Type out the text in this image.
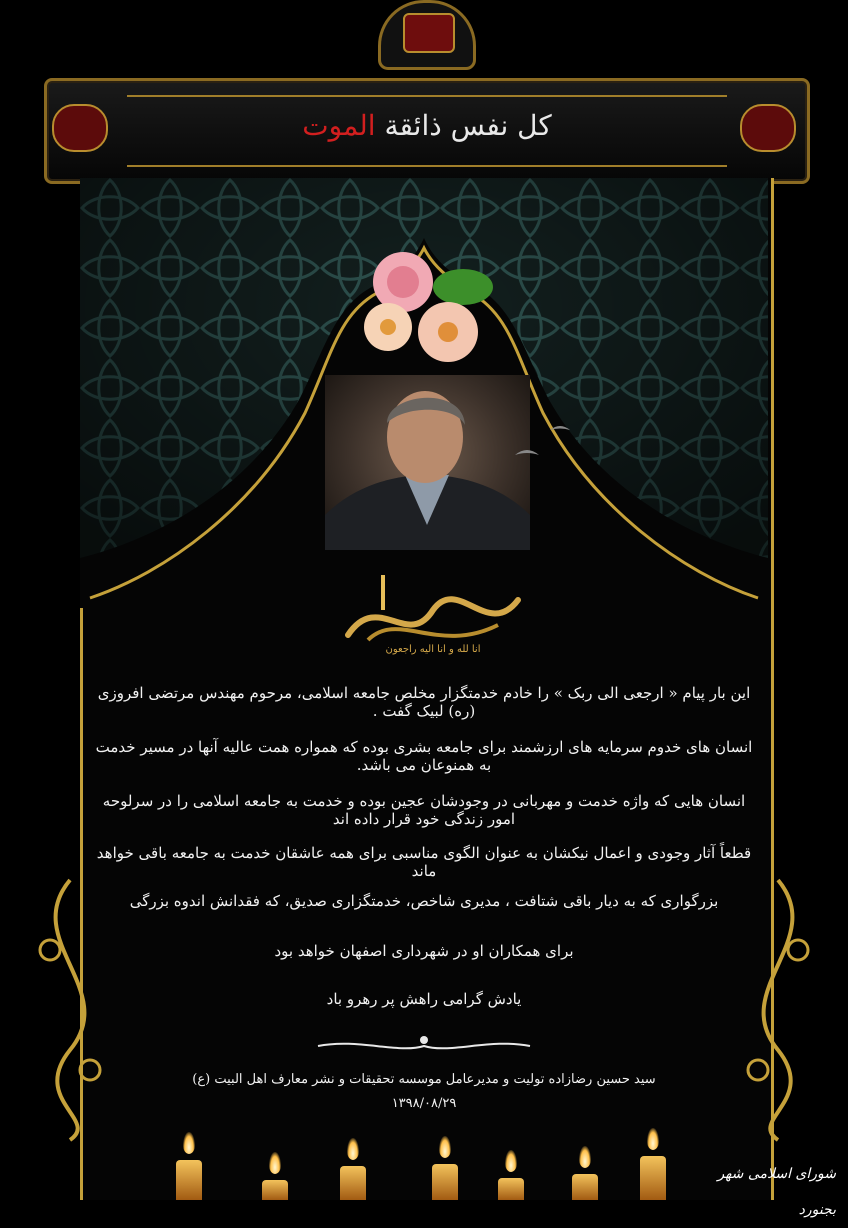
کل نفس ذائقة الموت
انا لله و انا الیه راجعون

این بار پیام « ارجعی الی ربک » را خادم خدمتگزار مخلص جامعه اسلامی، مرحوم مهندس مرتضی افروزی (ره) لبیک گفت .

انسان های خدوم سرمایه های ارزشمند برای جامعه بشری بوده که همواره همت عالیه آنها در مسیر خدمت به همنوعان می باشد.

انسان هایی که واژه خدمت و مهربانی در وجودشان عجین بوده و خدمت به جامعه اسلامی را در سرلوحه امور زندگی خود قرار داده اند

قطعاً آثار وجودی و اعمال نیکشان به عنوان الگوی مناسبی برای همه عاشقان خدمت به جامعه باقی خواهد ماند

بزرگواری که به دیار باقی شتافت ، مدیری شاخص، خدمتگزاری صدیق، که فقدانش اندوه بزرگی

برای همکاران او در شهرداری اصفهان خواهد بود

یادش گرامی راهش پر رهرو باد

سید حسین رضازاده تولیت و مدیرعامل موسسه تحقیقات و نشر معارف اهل البیت (ع)
۱۳۹۸/۰۸/۲۹
شورای اسلامی شهر بجنورد
